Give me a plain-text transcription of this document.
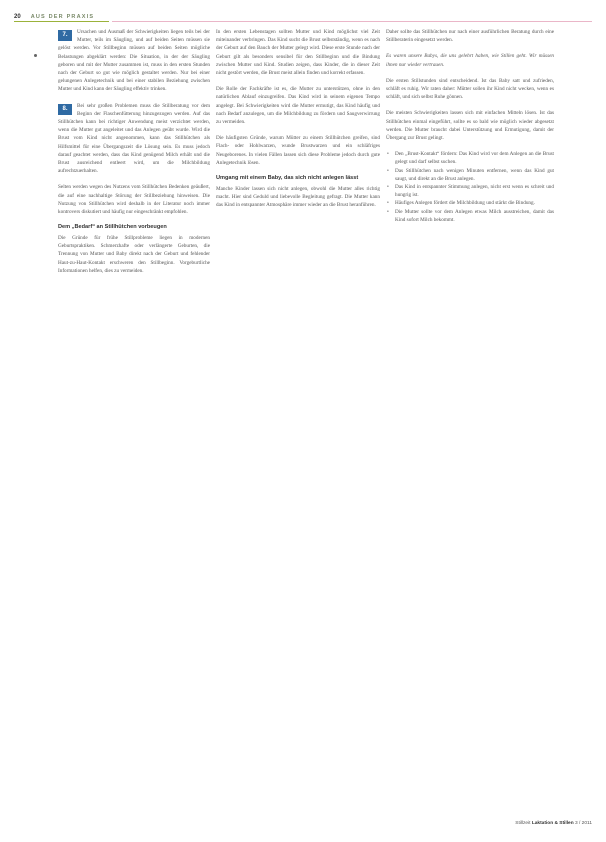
20 AUS DER PRAXIS

7.	Ursachen und Ausmaß der Schwierigkeiten liegen teils bei der Mutter, teils im Säugling, und auf beiden Seiten müssen sie gelöst werden. Vor Stillbeginn müssen auf beiden Seiten mögliche Belastungen abgeklärt werden: Die Situation, in der der Säugling geboren und mit der Mutter zusammen ist, muss in den ersten Stunden nach der Geburt so gut wie möglich gestaltet werden. Nur bei einer gelungenen Anlegetechnik und bei einer stabilen Beziehung zwischen Mutter und Kind kann der Säugling effektiv trinken.

8.	Bei sehr großen Problemen muss die Stillberatung vor dem Beginn der Flaschenfütterung hinzugezogen werden. Auf das Stillhütchen kann bei richtiger Anwendung meist verzichtet werden, wenn die Mutter gut angeleitet und das Anlegen geübt wurde. Wird die Brust vom Kind nicht angenommen, kann das Stillhütchen als Hilfsmittel für eine Übergangszeit die Lösung sein. Es muss jedoch darauf geachtet werden, dass das Kind genügend Milch erhält und die Brust ausreichend entleert wird, um die Milchbildung aufrechtzuerhalten.

Selten werden wegen des Nutzens vom Stillhütchen Bedenken geäußert, die auf eine nachhaltige Störung der Stillbeziehung hinweisen. Die Nutzung von Stillhütchen wird deshalb in der Literatur noch immer kontrovers diskutiert und häufig nur eingeschränkt empfohlen.

Dem „Bedarf“ an Stillhütchen vorbeugen

Die Gründe für frühe Stillprobleme liegen in modernen Geburtspraktiken. Schmerzhafte oder verlängerte Geburten, die Trennung von Mutter und Baby direkt nach der Geburt und fehlender Haut-zu-Haut-Kontakt erschweren den Stillbeginn. Vorgeburtliche Informationen helfen, dies zu vermeiden.

In den ersten Lebenstagen sollten Mutter und Kind möglichst viel Zeit miteinander verbringen. Das Kind sucht die Brust selbstständig, wenn es nach der Geburt auf den Bauch der Mutter gelegt wird. Diese erste Stunde nach der Geburt gilt als besonders sensibel für den Stillbeginn und die Bindung zwischen Mutter und Kind. Studien zeigen, dass Kinder, die in dieser Zeit nicht gestört werden, die Brust meist allein finden und korrekt erfassen.

Die Rolle der Fachkräfte ist es, die Mutter zu unterstützen, ohne in den natürlichen Ablauf einzugreifen. Das Kind wird in seinem eigenen Tempo angelegt. Bei Schwierigkeiten wird die Mutter ermutigt, das Kind häufig und nach Bedarf anzulegen, um die Milchbildung zu fördern und Saugverwirrung zu vermeiden.

Die häufigsten Gründe, warum Mütter zu einem Stillhütchen greifen, sind Flach- oder Hohlwarzen, wunde Brustwarzen und ein schläfriges Neugeborenes. In vielen Fällen lassen sich diese Probleme jedoch durch gute Anlegetechnik lösen.

Umgang mit einem Baby, das sich nicht anlegen lässt

Manche Kinder lassen sich nicht anlegen, obwohl die Mutter alles richtig macht. Hier sind Geduld und liebevolle Begleitung gefragt. Die Mutter kann das Kind in entspannter Atmosphäre immer wieder an die Brust heranführen.

Daher sollte das Stillhütchen nur nach einer ausführlichen Beratung durch eine Stillberaterin eingesetzt werden.

Es waren unsere Babys, die uns gelehrt haben, wie Stillen geht. Wir müssen ihnen nur wieder vertrauen.

Die ersten Stillstunden sind entscheidend. Ist das Baby satt und zufrieden, schläft es ruhig. Wir raten daher: Mütter sollen ihr Kind nicht wecken, wenn es schläft, und sich selbst Ruhe gönnen.

Die meisten Schwierigkeiten lassen sich mit einfachen Mitteln lösen. Ist das Stillhütchen einmal eingeführt, sollte es so bald wie möglich wieder abgesetzt werden. Die Mutter braucht dabei Unterstützung und Ermutigung, damit der Übergang zur Brust gelingt.

• Den „Brust-Kontakt“ fördern: Das Kind wird vor dem Anlegen an die Brust gelegt und darf selbst suchen.
• Das Stillhütchen nach wenigen Minuten entfernen, wenn das Kind gut saugt, und direkt an die Brust anlegen.
• Das Kind in entspannter Stimmung anlegen, nicht erst wenn es schreit und hungrig ist.
• Häufiges Anlegen fördert die Milchbildung und stärkt die Bindung.
• Die Mutter sollte vor dem Anlegen etwas Milch ausstreichen, damit das Kind sofort Milch bekommt.
Stillzeit Laktation & Stillen 3 / 2011
